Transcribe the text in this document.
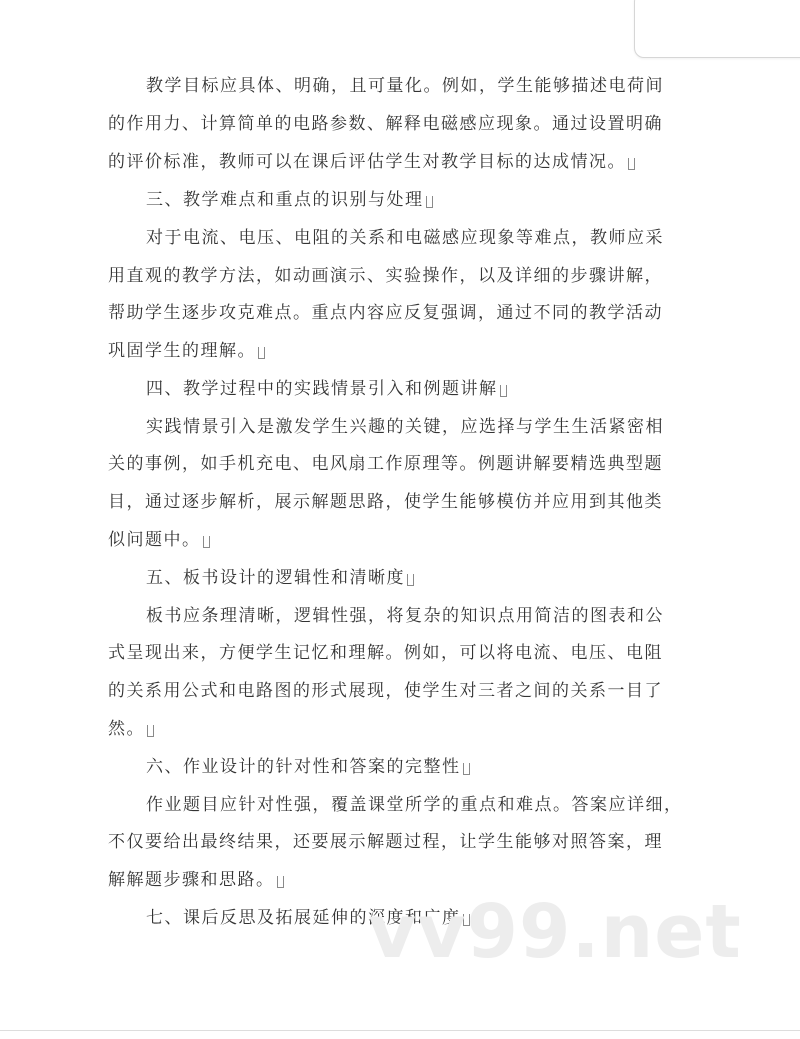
教学目标应具体、明确，且可量化。例如，学生能够描述电荷间
的作用力、计算简单的电路参数、解释电磁感应现象。通过设置明确
的评价标准，教师可以在课后评估学生对教学目标的达成情况。
三、教学难点和重点的识别与处理
对于电流、电压、电阻的关系和电磁感应现象等难点，教师应采
用直观的教学方法，如动画演示、实验操作，以及详细的步骤讲解，
帮助学生逐步攻克难点。重点内容应反复强调，通过不同的教学活动
巩固学生的理解。
四、教学过程中的实践情景引入和例题讲解
实践情景引入是激发学生兴趣的关键，应选择与学生生活紧密相
关的事例，如手机充电、电风扇工作原理等。例题讲解要精选典型题
目，通过逐步解析，展示解题思路，使学生能够模仿并应用到其他类
似问题中。
五、板书设计的逻辑性和清晰度
板书应条理清晰，逻辑性强，将复杂的知识点用简洁的图表和公
式呈现出来，方便学生记忆和理解。例如，可以将电流、电压、电阻
的关系用公式和电路图的形式展现，使学生对三者之间的关系一目了
然。
六、作业设计的针对性和答案的完整性
作业题目应针对性强，覆盖课堂所学的重点和难点。答案应详细，
不仅要给出最终结果，还要展示解题过程，让学生能够对照答案，理
解解题步骤和思路。
七、课后反思及拓展延伸的深度和广度
vv99.net
